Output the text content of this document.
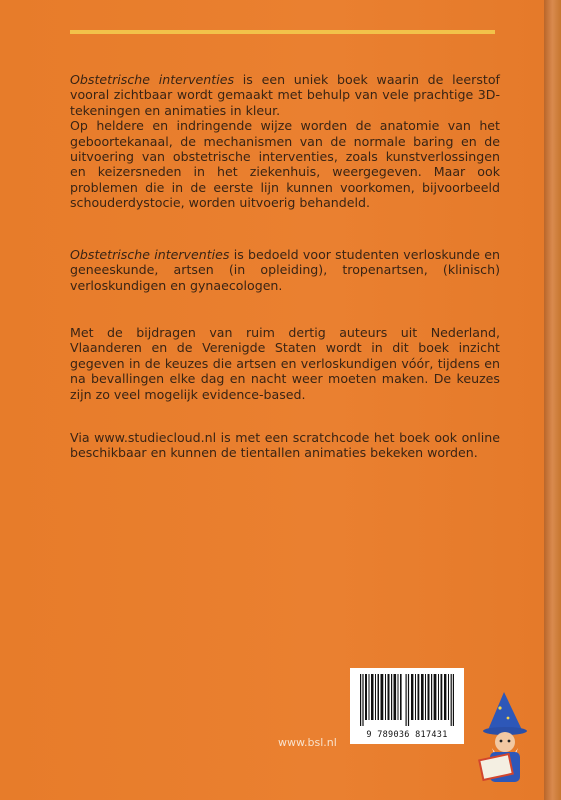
Obstetrische interventies is een uniek boek waarin de leerstof vooral zichtbaar wordt gemaakt met behulp van vele prachtige 3D-tekeningen en animaties in kleur.
Op heldere en indringende wijze worden de anatomie van het geboortekanaal, de mechanismen van de normale baring en de uitvoering van obstetrische interventies, zoals kunstverlossingen en keizersneden in het ziekenhuis, weergegeven. Maar ook problemen die in de eerste lijn kunnen voorkomen, bijvoorbeeld schouderdystocie, worden uitvoerig behandeld.
Obstetrische interventies is bedoeld voor studenten verloskunde en geneeskunde, artsen (in opleiding), tropenartsen, (klinisch) verloskundigen en gynaecologen.
Met de bijdragen van ruim dertig auteurs uit Nederland, Vlaanderen en de Verenigde Staten wordt in dit boek inzicht gegeven in de keuzes die artsen en verloskundigen vóór, tijdens en na bevallingen elke dag en nacht weer moeten maken. De keuzes zijn zo veel mogelijk evidence-based.
Via www.studiecloud.nl is met een scratchcode het boek ook online beschikbaar en kunnen de tientallen animaties bekeken worden.
www.bsl.nl
9 789036 817431
